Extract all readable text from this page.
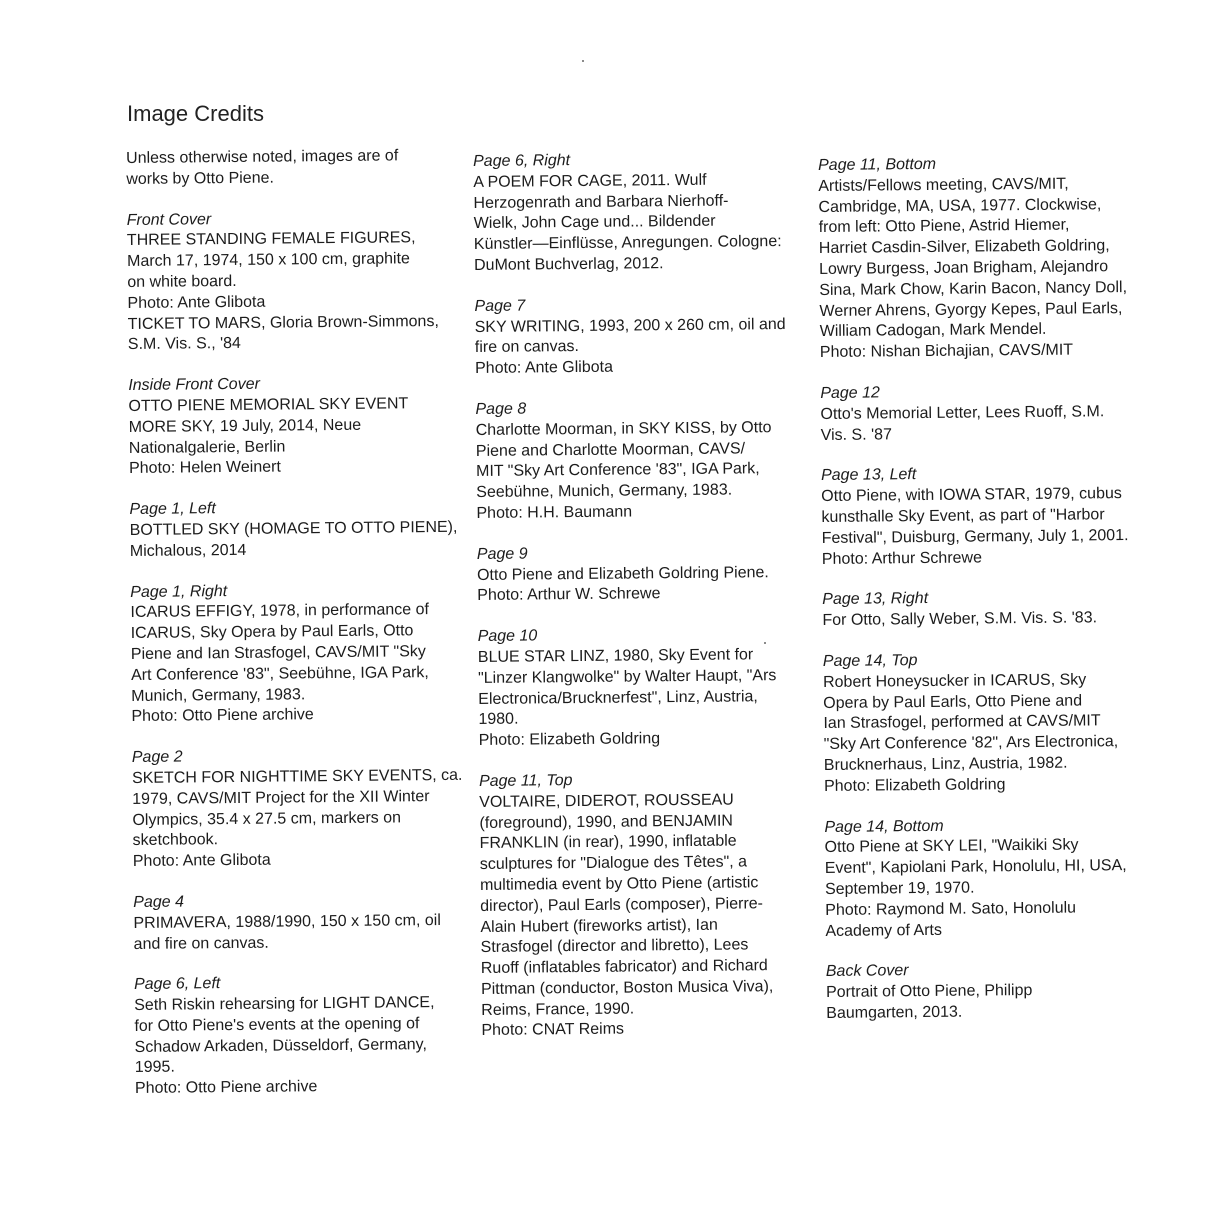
Image Credits
Unless otherwise noted, images are of
works by Otto Piene.
Front Cover
THREE STANDING FEMALE FIGURES,
March 17, 1974, 150 x 100 cm, graphite
on white board.
Photo: Ante Glibota
TICKET TO MARS, Gloria Brown-Simmons,
S.M. Vis. S., '84
Inside Front Cover
OTTO PIENE MEMORIAL SKY EVENT
MORE SKY, 19 July, 2014, Neue
Nationalgalerie, Berlin
Photo: Helen Weinert
Page 1, Left
BOTTLED SKY (HOMAGE TO OTTO PIENE),
Michalous, 2014
Page 1, Right
ICARUS EFFIGY, 1978, in performance of
ICARUS, Sky Opera by Paul Earls, Otto
Piene and Ian Strasfogel, CAVS/MIT "Sky
Art Conference '83", Seebühne, IGA Park,
Munich, Germany, 1983.
Photo: Otto Piene archive
Page 2
SKETCH FOR NIGHTTIME SKY EVENTS, ca.
1979, CAVS/MIT Project for the XII Winter
Olympics, 35.4 x 27.5 cm, markers on
sketchbook.
Photo: Ante Glibota
Page 4
PRIMAVERA, 1988/1990, 150 x 150 cm, oil
and fire on canvas.
Page 6, Left
Seth Riskin rehearsing for LIGHT DANCE,
for Otto Piene's events at the opening of
Schadow Arkaden, Düsseldorf, Germany,
1995.
Photo: Otto Piene archive
Page 6, Right
A POEM FOR CAGE, 2011. Wulf
Herzogenrath and Barbara Nierhoff-
Wielk, John Cage und... Bildender
Künstler—Einflüsse, Anregungen. Cologne:
DuMont Buchverlag, 2012.
Page 7
SKY WRITING, 1993, 200 x 260 cm, oil and
fire on canvas.
Photo: Ante Glibota
Page 8
Charlotte Moorman, in SKY KISS, by Otto
Piene and Charlotte Moorman, CAVS/
MIT "Sky Art Conference '83", IGA Park,
Seebühne, Munich, Germany, 1983.
Photo: H.H. Baumann
Page 9
Otto Piene and Elizabeth Goldring Piene.
Photo: Arthur W. Schrewe
Page 10
BLUE STAR LINZ, 1980, Sky Event for
"Linzer Klangwolke" by Walter Haupt, "Ars
Electronica/Brucknerfest", Linz, Austria,
1980.
Photo: Elizabeth Goldring
Page 11, Top
VOLTAIRE, DIDEROT, ROUSSEAU
(foreground), 1990, and BENJAMIN
FRANKLIN (in rear), 1990, inflatable
sculptures for "Dialogue des Têtes", a
multimedia event by Otto Piene (artistic
director), Paul Earls (composer), Pierre-
Alain Hubert (fireworks artist), Ian
Strasfogel (director and libretto), Lees
Ruoff (inflatables fabricator) and Richard
Pittman (conductor, Boston Musica Viva),
Reims, France, 1990.
Photo: CNAT Reims
Page 11, Bottom
Artists/Fellows meeting, CAVS/MIT,
Cambridge, MA, USA, 1977. Clockwise,
from left: Otto Piene, Astrid Hiemer,
Harriet Casdin-Silver, Elizabeth Goldring,
Lowry Burgess, Joan Brigham, Alejandro
Sina, Mark Chow, Karin Bacon, Nancy Doll,
Werner Ahrens, Gyorgy Kepes, Paul Earls,
William Cadogan, Mark Mendel.
Photo: Nishan Bichajian, CAVS/MIT
Page 12
Otto's Memorial Letter, Lees Ruoff, S.M.
Vis. S. '87
Page 13, Left
Otto Piene, with IOWA STAR, 1979, cubus
kunsthalle Sky Event, as part of "Harbor
Festival", Duisburg, Germany, July 1, 2001.
Photo: Arthur Schrewe
Page 13, Right
For Otto, Sally Weber, S.M. Vis. S. '83.
Page 14, Top
Robert Honeysucker in ICARUS, Sky
Opera by Paul Earls, Otto Piene and
Ian Strasfogel, performed at CAVS/MIT
"Sky Art Conference '82", Ars Electronica,
Brucknerhaus, Linz, Austria, 1982.
Photo: Elizabeth Goldring
Page 14, Bottom
Otto Piene at SKY LEI, "Waikiki Sky
Event", Kapiolani Park, Honolulu, HI, USA,
September 19, 1970.
Photo: Raymond M. Sato, Honolulu
Academy of Arts
Back Cover
Portrait of Otto Piene, Philipp
Baumgarten, 2013.
